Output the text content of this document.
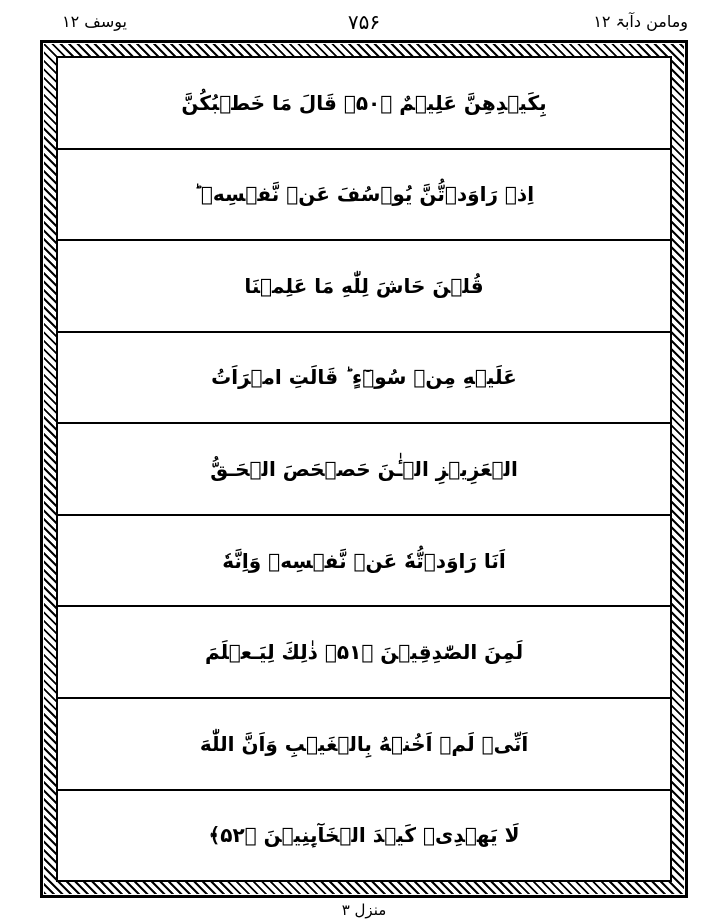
یوسف ۱۲	۷۵۶	ومامن دآبۃ ۱۲
بِكَيۡدِهِنَّ عَلِيۡمٌ ﴿۵۰﴾ قَالَ مَا خَطۡبُكُنَّ
اِذۡ رَاوَدۡتُّنَّ يُوۡسُفَ عَنۡ نَّفۡسِهٖ ؕ
قُلۡنَ حَاشَ لِلّٰهِ مَا عَلِمۡنَا
عَلَيۡهِ مِنۡ سُوۡٓءٍ ؕ قَالَتِ امۡرَاَتُ
الۡعَزِيۡزِ الۡـٰٔنَ حَصۡحَصَ الۡحَـقُّ
اَنَا رَاوَدۡتُّهٗ عَنۡ نَّفۡسِهٖ وَاِنَّهٗ
لَمِنَ الصّٰدِقِيۡنَ ﴿۵۱﴾ ذٰلِكَ لِيَـعۡلَمَ
اَنِّىۡ لَمۡ اَخُنۡهُ بِالۡغَيۡبِ وَاَنَّ اللّٰهَ
لَا يَهۡدِىۡ كَيۡدَ الۡخَآٮِٕنِيۡنَ ﴿۵۲﴾
منزل ۳
